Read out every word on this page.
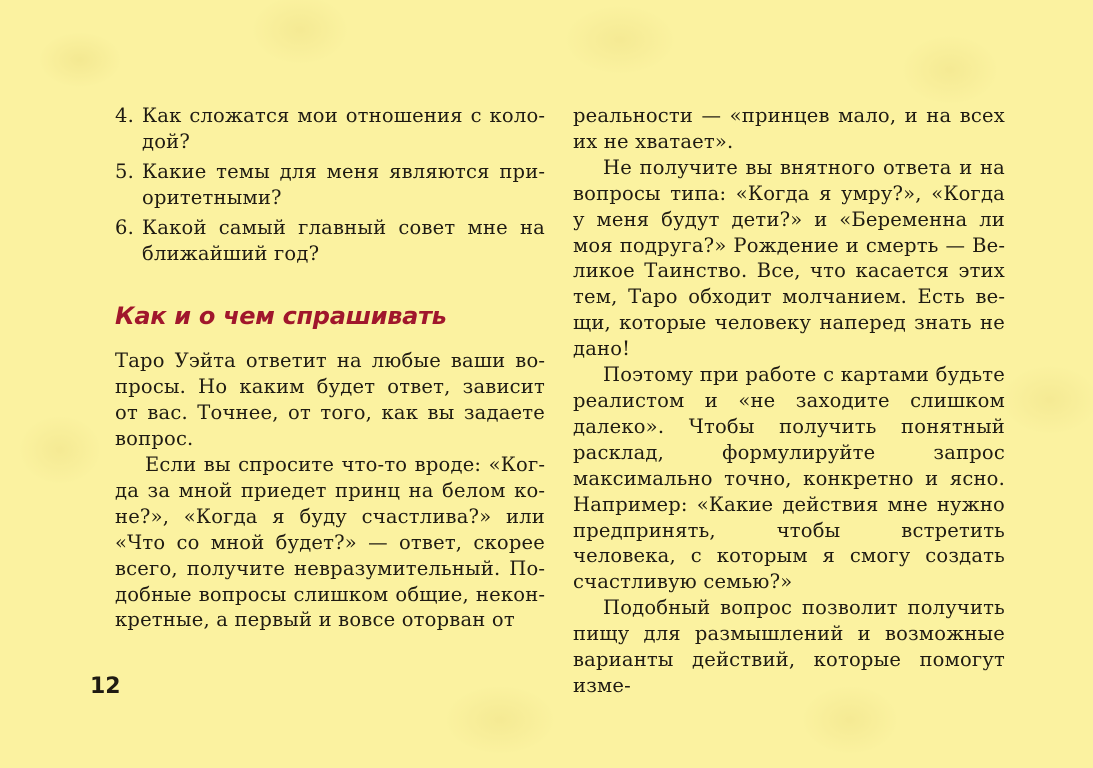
4. Как сложатся мои отношения с колодой?
5. Какие темы для меня являются приоритетными?
6. Какой самый главный совет мне на ближайший год?
Как и о чем спрашивать

Таро Уэйта ответит на любые ваши вопросы. Но каким будет ответ, зависит от вас. Точнее, от того, как вы задаете вопрос.

Если вы спросите что-то вроде: «Когда за мной приедет принц на белом коне?», «Когда я буду счастлива?» или «Что со мной будет?» — ответ, скорее всего, получите невразумительный. Подобные вопросы слишком общие, неконкретные, а первый и вовсе оторван от

реальности — «принцев мало, и на всех их не хватает».

Не получите вы внятного ответа и на вопросы типа: «Когда я умру?», «Когда у меня будут дети?» и «Беременна ли моя подруга?» Рождение и смерть — Великое Таинство. Все, что касается этих тем, Таро обходит молчанием. Есть вещи, которые человеку наперед знать не дано!

Поэтому при работе с картами будьте реалистом и «не заходите слишком далеко». Чтобы получить понятный расклад, формулируйте запрос максимально точно, конкретно и ясно. Например: «Какие действия мне нужно предпринять, чтобы встретить человека, с которым я смогу создать счастливую семью?»

Подобный вопрос позволит получить пищу для размышлений и возможные варианты действий, которые помогут изме-

12
